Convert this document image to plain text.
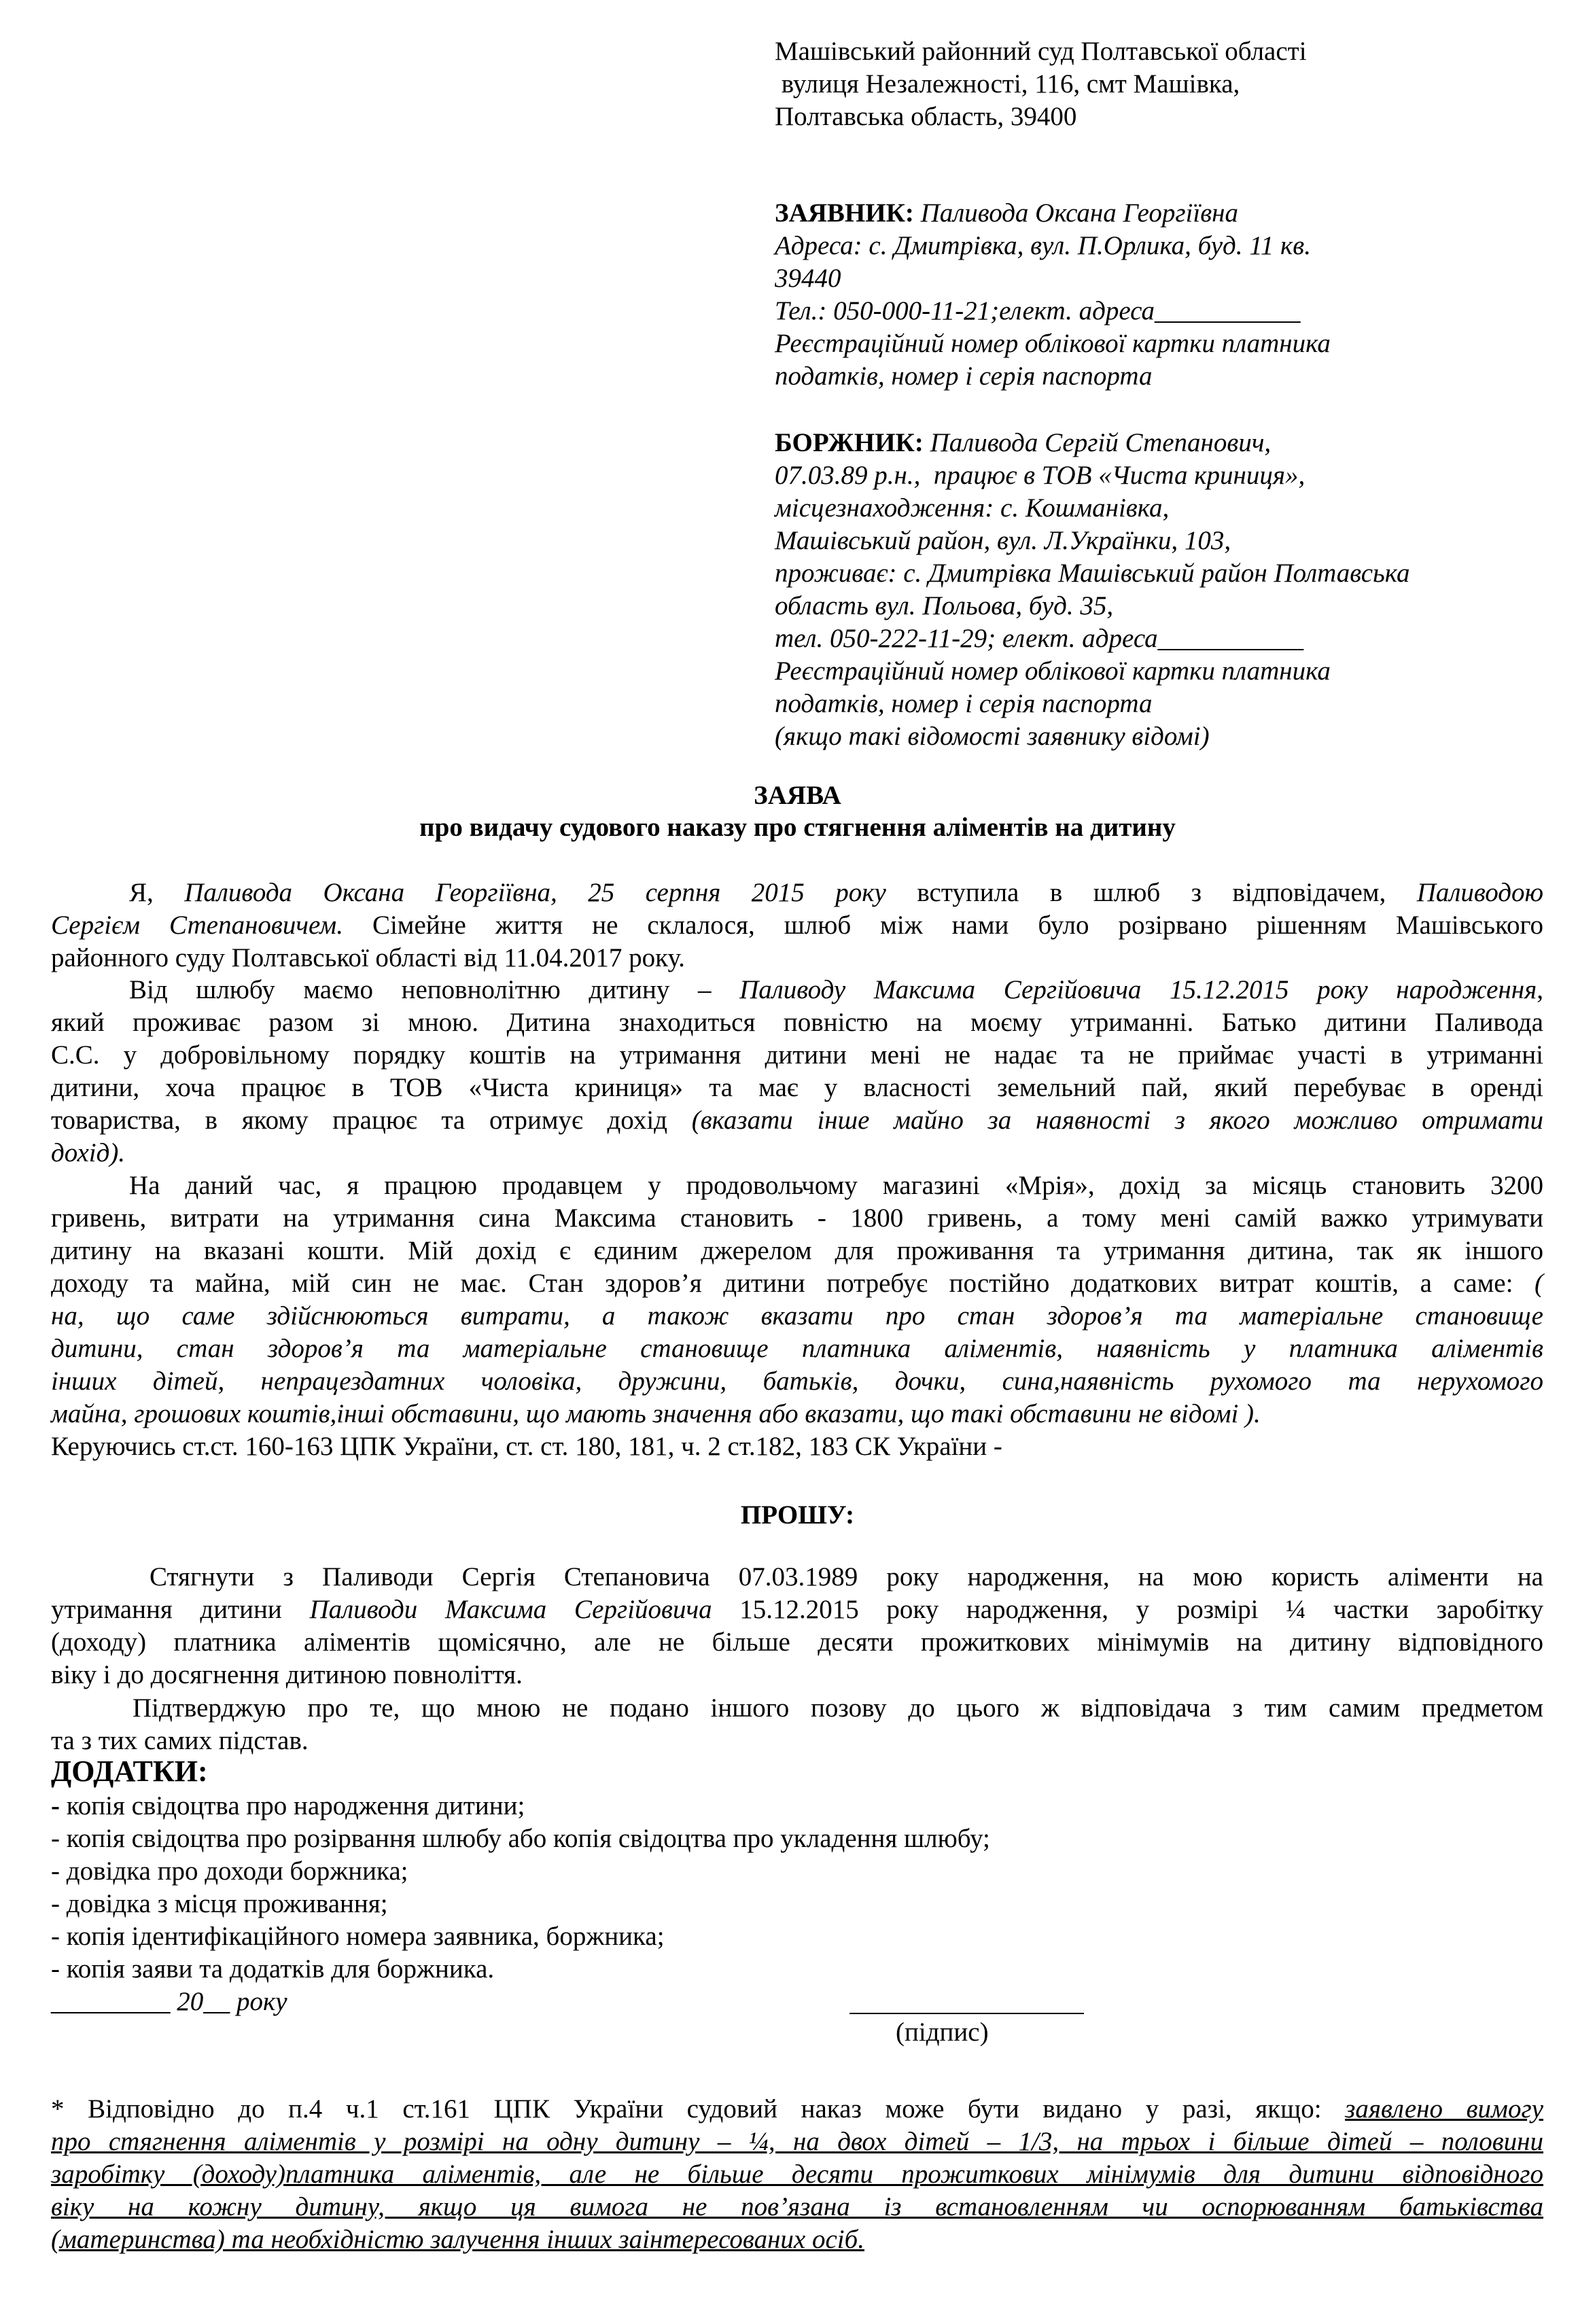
Машівський районний суд Полтавської області
вулиця Незалежності, 116, смт Машівка,
Полтавська область, 39400
ЗАЯВНИК: Паливода Оксана Георгіївна
Адреса: с. Дмитрівка, вул. П.Орлика, буд. 11 кв.
39440
Тел.: 050-000-11-21;елект. адреса___________
Реєстраційний номер облікової картки платника
податків, номер і серія паспорта
БОРЖНИК: Паливода Сергій Степанович,
07.03.89 р.н.,  працює в ТОВ «Чиста криниця»,
місцезнаходження: с. Кошманівка,
Машівський район, вул. Л.Українки, 103,
проживає: с. Дмитрівка Машівський район Полтавська
область вул. Польова, буд. 35,
тел. 050-222-11-29; елект. адреса___________
Реєстраційний номер облікової картки платника
податків, номер і серія паспорта
(якщо такі відомості заявнику відомі)
ЗАЯВА
про видачу судового наказу про стягнення аліментів на дитину
Я, Паливода Оксана Георгіївна, 25 серпня 2015 року вступила в шлюб з відповідачем, Паливодою
Сергієм Степановичем. Сімейне життя не склалося, шлюб між нами було розірвано рішенням Машівського
районного суду Полтавської області від 11.04.2017 року.
Від шлюбу маємо неповнолітню дитину – Паливоду Максима Сергійовича 15.12.2015 року народження,
який проживає разом зі мною. Дитина знаходиться повністю на моєму утриманні. Батько дитини Паливода
С.С. у добровільному порядку коштів на утримання дитини мені не надає та не приймає участі в утриманні
дитини, хоча працює в ТОВ «Чиста криниця» та має у власності земельний пай, який перебуває в оренді
товариства, в якому працює та отримує дохід (вказати інше майно за наявності з якого можливо отримати
дохід).
На даний час, я працюю продавцем у продовольчому магазині «Мрія», дохід за місяць становить 3200
гривень, витрати на утримання сина Максима становить - 1800 гривень, а тому мені самій важко утримувати
дитину на вказані кошти. Мій дохід є єдиним джерелом для проживання та утримання дитина, так як іншого
доходу та майна, мій син не має. Стан здоров’я дитини потребує постійно додаткових витрат коштів, а саме: (
на, що саме здійснюються витрати, а також вказати про стан здоров’я та матеріальне становище
дитини, стан здоров’я та матеріальне становище платника аліментів, наявність у платника аліментів
інших дітей, непрацездатних чоловіка, дружини, батьків, дочки, сина,наявність рухомого та нерухомого
майна, грошових коштів,інші обставини, що мають значення або вказати, що такі обставини не відомі ).
Керуючись ст.ст. 160-163 ЦПК України, ст. ст. 180, 181, ч. 2 ст.182, 183 СК України -
ПРОШУ:
Стягнути з Паливоди Сергія Степановича 07.03.1989 року народження, на мою користь аліменти на
утримання дитини Паливоди Максима Сергійовича 15.12.2015 року народження, у розмірі ¼ частки заробітку
(доходу) платника аліментів щомісячно, але не більше десяти прожиткових мінімумів на дитину відповідного
віку і до досягнення дитиною повноліття.
Підтверджую про те, що мною не подано іншого позову до цього ж відповідача з тим самим предметом
та з тих самих підстав.
ДОДАТКИ:
- копія свідоцтва про народження дитини;
- копія свідоцтва про розірвання шлюбу або копія свідоцтва про укладення шлюбу;
- довідка про доходи боржника;
- довідка з місця проживання;
- копія ідентифікаційного номера заявника, боржника;
- копія заяви та додатків для боржника.
_________ 20__ року
(підпис)
* Відповідно до п.4 ч.1 ст.161 ЦПК України судовий наказ може бути видано у разі, якщо: заявлено вимогу
про стягнення аліментів у розмірі на одну дитину – ¼, на двох дітей – 1/3, на трьох і більше дітей – половини
заробітку (доходу)платника аліментів, але не більше десяти прожиткових мінімумів для дитини відповідного
віку на кожну дитину, якщо ця вимога не пов’язана із встановленням чи оспорюванням батьківства
(материнства) та необхідністю залучення інших заінтересованих осіб.
